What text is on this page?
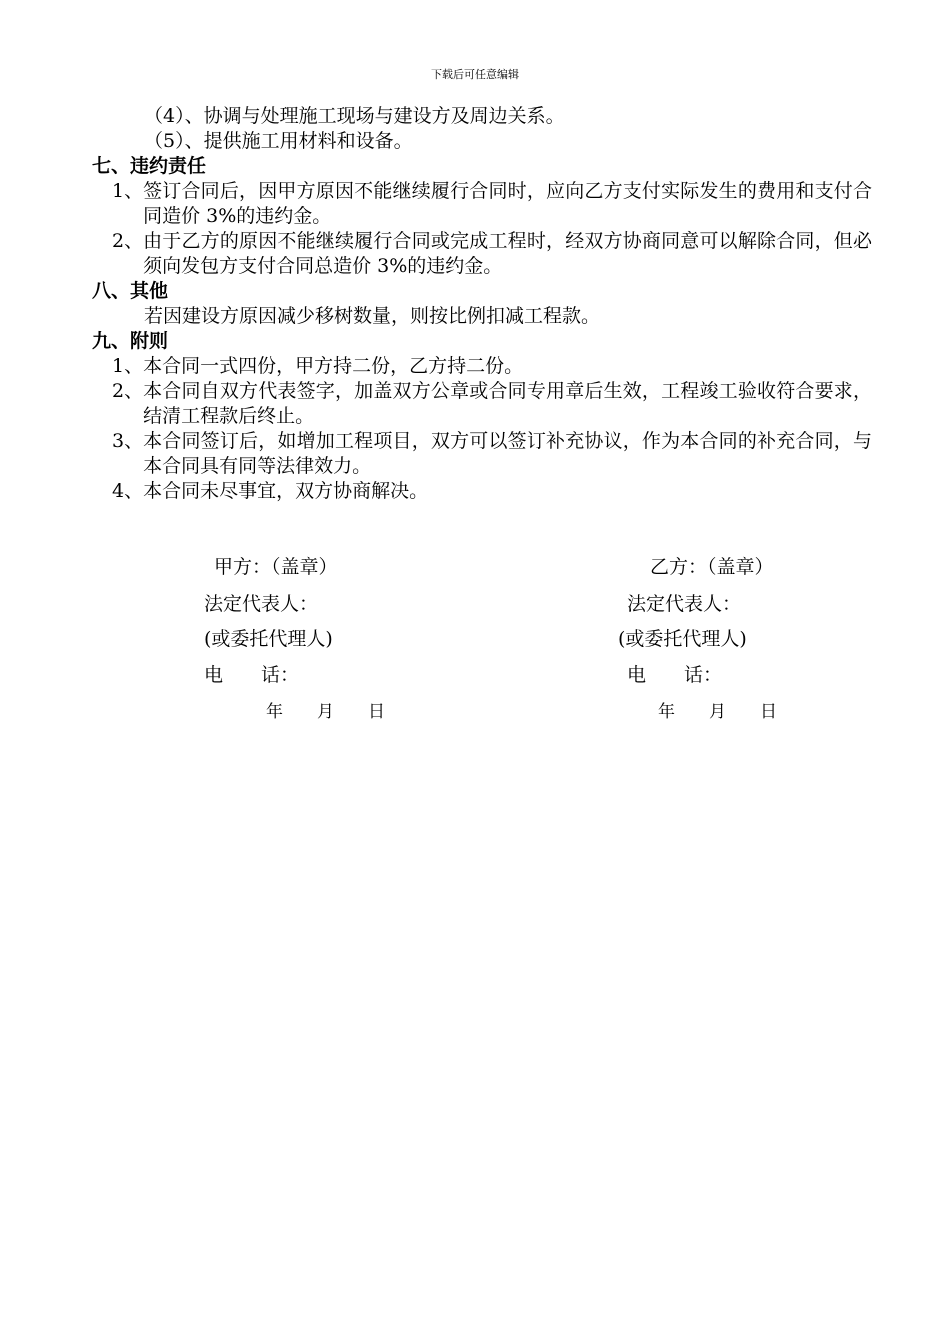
下载后可任意编辑
（4）、协调与处理施工现场与建设方及周边关系。
（5）、提供施工用材料和设备。
七、违约责任
1、 签订合同后，因甲方原因不能继续履行合同时，应向乙方支付实际发生的费用和支付合同造价 3%的违约金。
2、 由于乙方的原因不能继续履行合同或完成工程时，经双方协商同意可以解除合同，但必须向发包方支付合同总造价 3%的违约金。
八、其他
若因建设方原因减少移树数量，则按比例扣减工程款。
九、附则
1、 本合同一式四份，甲方持二份，乙方持二份。
2、 本合同自双方代表签字，加盖双方公章或合同专用章后生效，工程竣工验收符合要求，结清工程款后终止。
3、 本合同签订后，如增加工程项目，双方可以签订补充协议，作为本合同的补充合同，与本合同具有同等法律效力。
4、 本合同未尽事宜，双方协商解决。
甲方：（盖章）
法定代表人：
(或委托代理人)
电　　话：
年　　月　　日
乙方：（盖章）
法定代表人：
(或委托代理人)
电　　话：
年　　月　　日
